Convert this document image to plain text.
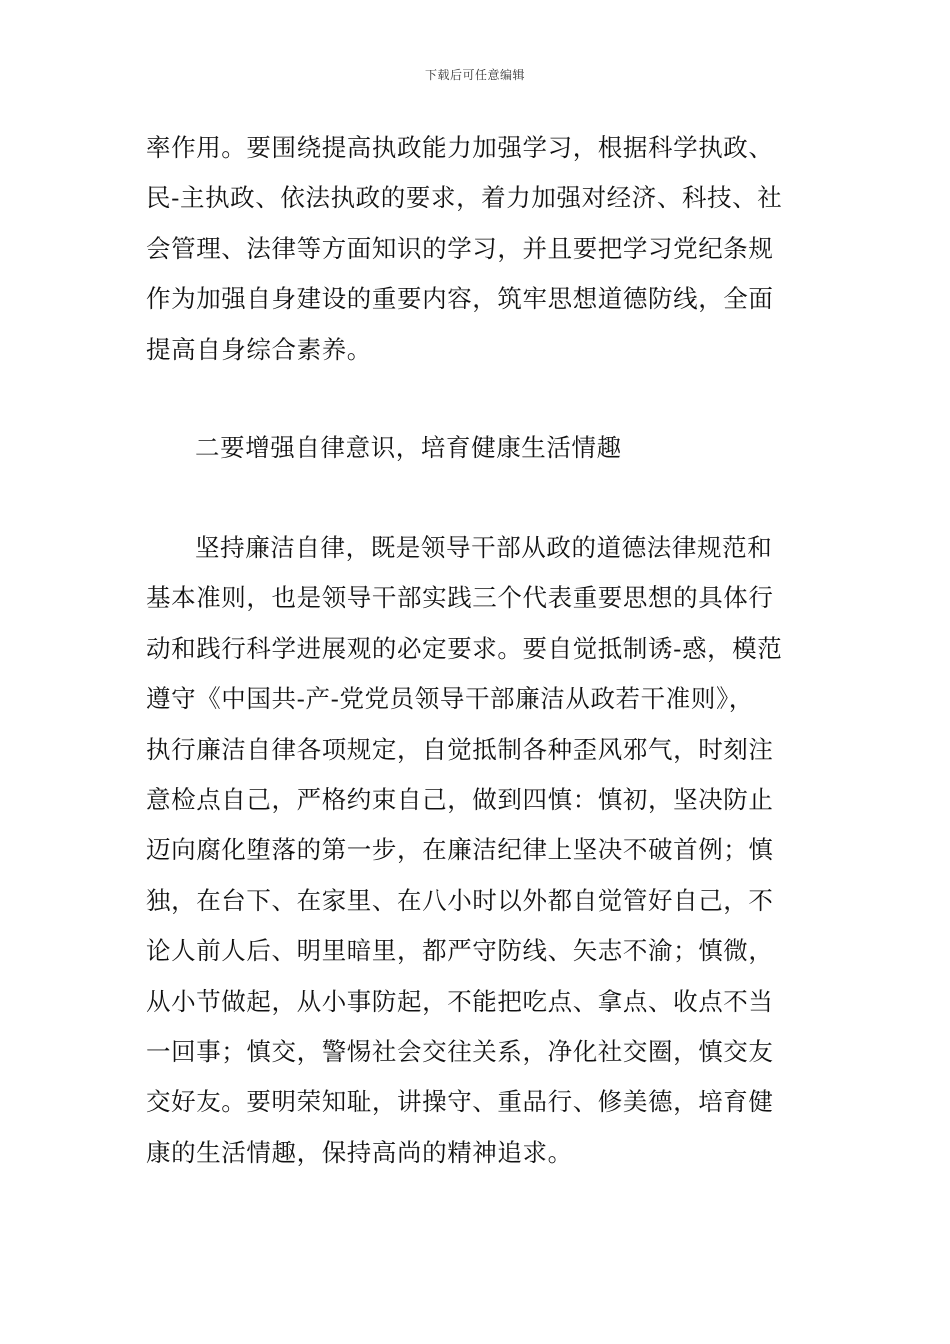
下载后可任意编辑

率作用。要围绕提高执政能力加强学习，根据科学执政、
民-主执政、依法执政的要求，着力加强对经济、科技、社
会管理、法律等方面知识的学习，并且要把学习党纪条规
作为加强自身建设的重要内容，筑牢思想道德防线，全面
提高自身综合素养。

二要增强自律意识，培育健康生活情趣

坚持廉洁自律，既是领导干部从政的道德法律规范和
基本准则，也是领导干部实践三个代表重要思想的具体行
动和践行科学进展观的必定要求。要自觉抵制诱-惑，模范
遵守《中国共-产-党党员领导干部廉洁从政若干准则》，
执行廉洁自律各项规定，自觉抵制各种歪风邪气，时刻注
意检点自己，严格约束自己，做到四慎：慎初，坚决防止
迈向腐化堕落的第一步，在廉洁纪律上坚决不破首例；慎
独，在台下、在家里、在八小时以外都自觉管好自己，不
论人前人后、明里暗里，都严守防线、矢志不渝；慎微，
从小节做起，从小事防起，不能把吃点、拿点、收点不当
一回事；慎交，警惕社会交往关系，净化社交圈，慎交友
交好友。要明荣知耻，讲操守、重品行、修美德，培育健
康的生活情趣，保持高尚的精神追求。
